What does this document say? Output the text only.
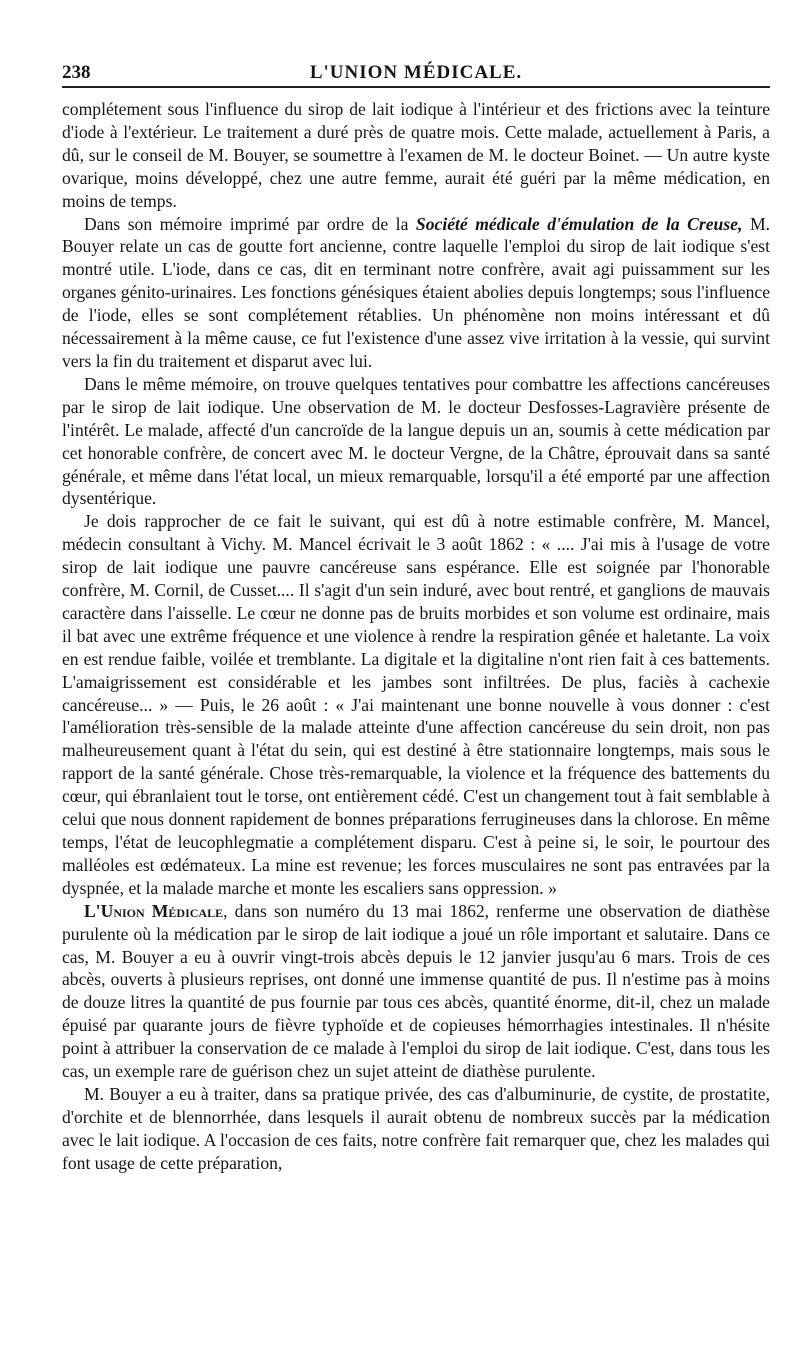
238	L'UNION MÉDICALE.

complétement sous l'influence du sirop de lait iodique à l'intérieur et des frictions avec la teinture d'iode à l'extérieur. Le traitement a duré près de quatre mois. Cette malade, actuellement à Paris, a dû, sur le conseil de M. Bouyer, se soumettre à l'examen de M. le docteur Boinet. — Un autre kyste ovarique, moins développé, chez une autre femme, aurait été guéri par la même médication, en moins de temps.

Dans son mémoire imprimé par ordre de la Société médicale d'émulation de la Creuse, M. Bouyer relate un cas de goutte fort ancienne, contre laquelle l'emploi du sirop de lait iodique s'est montré utile. L'iode, dans ce cas, dit en terminant notre confrère, avait agi puissamment sur les organes génito-urinaires. Les fonctions génésiques étaient abolies depuis longtemps; sous l'influence de l'iode, elles se sont complétement rétablies. Un phénomène non moins intéressant et dû nécessairement à la même cause, ce fut l'existence d'une assez vive irritation à la vessie, qui survint vers la fin du traitement et disparut avec lui.

Dans le même mémoire, on trouve quelques tentatives pour combattre les affections cancéreuses par le sirop de lait iodique. Une observation de M. le docteur Desfosses-Lagravière présente de l'intérêt. Le malade, affecté d'un cancroïde de la langue depuis un an, soumis à cette médication par cet honorable confrère, de concert avec M. le docteur Vergne, de la Châtre, éprouvait dans sa santé générale, et même dans l'état local, un mieux remarquable, lorsqu'il a été emporté par une affection dysentérique.

Je dois rapprocher de ce fait le suivant, qui est dû à notre estimable confrère, M. Mancel, médecin consultant à Vichy. M. Mancel écrivait le 3 août 1862 : « .... J'ai mis à l'usage de votre sirop de lait iodique une pauvre cancéreuse sans espérance. Elle est soignée par l'honorable confrère, M. Cornil, de Cusset.... Il s'agit d'un sein induré, avec bout rentré, et ganglions de mauvais caractère dans l'aisselle. Le cœur ne donne pas de bruits morbides et son volume est ordinaire, mais il bat avec une extrême fréquence et une violence à rendre la respiration gênée et haletante. La voix en est rendue faible, voilée et tremblante. La digitale et la digitaline n'ont rien fait à ces battements. L'amaigrissement est considérable et les jambes sont infiltrées. De plus, faciès à cachexie cancéreuse... » — Puis, le 26 août : « J'ai maintenant une bonne nouvelle à vous donner : c'est l'amélioration très-sensible de la malade atteinte d'une affection cancéreuse du sein droit, non pas malheureusement quant à l'état du sein, qui est destiné à être stationnaire longtemps, mais sous le rapport de la santé générale. Chose très-remarquable, la violence et la fréquence des battements du cœur, qui ébranlaient tout le torse, ont entièrement cédé. C'est un changement tout à fait semblable à celui que nous donnent rapidement de bonnes préparations ferrugineuses dans la chlorose. En même temps, l'état de leucophlegmatie a complétement disparu. C'est à peine si, le soir, le pourtour des malléoles est œdémateux. La mine est revenue; les forces musculaires ne sont pas entravées par la dyspnée, et la malade marche et monte les escaliers sans oppression. »

L'Union Médicale, dans son numéro du 13 mai 1862, renferme une observation de diathèse purulente où la médication par le sirop de lait iodique a joué un rôle important et salutaire. Dans ce cas, M. Bouyer a eu à ouvrir vingt-trois abcès depuis le 12 janvier jusqu'au 6 mars. Trois de ces abcès, ouverts à plusieurs reprises, ont donné une immense quantité de pus. Il n'estime pas à moins de douze litres la quantité de pus fournie par tous ces abcès, quantité énorme, dit-il, chez un malade épuisé par quarante jours de fièvre typhoïde et de copieuses hémorrhagies intestinales. Il n'hésite point à attribuer la conservation de ce malade à l'emploi du sirop de lait iodique. C'est, dans tous les cas, un exemple rare de guérison chez un sujet atteint de diathèse purulente.

M. Bouyer a eu à traiter, dans sa pratique privée, des cas d'albuminurie, de cystite, de prostatite, d'orchite et de blennorrhée, dans lesquels il aurait obtenu de nombreux succès par la médication avec le lait iodique. A l'occasion de ces faits, notre confrère fait remarquer que, chez les malades qui font usage de cette préparation,
